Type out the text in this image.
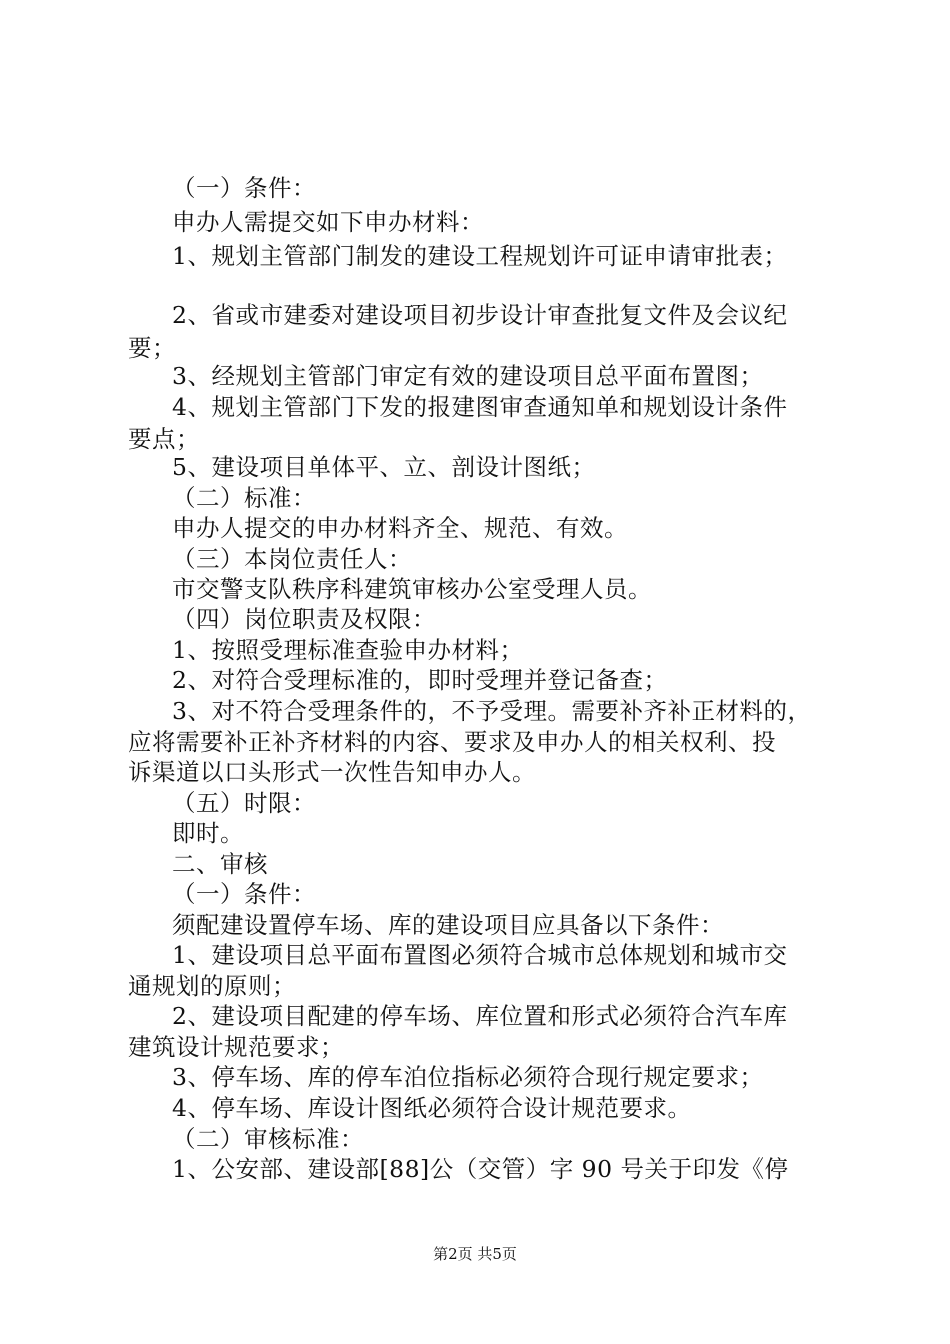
（一）条件：
申办人需提交如下申办材料：
1、规划主管部门制发的建设工程规划许可证申请审批表；
2、省或市建委对建设项目初步设计审查批复文件及会议纪
要；
3、经规划主管部门审定有效的建设项目总平面布置图；
4、规划主管部门下发的报建图审查通知单和规划设计条件
要点；
5、建设项目单体平、立、剖设计图纸；
（二）标准：
申办人提交的申办材料齐全、规范、有效。
（三）本岗位责任人：
市交警支队秩序科建筑审核办公室受理人员。
（四）岗位职责及权限：
1、按照受理标准查验申办材料；
2、对符合受理标准的，即时受理并登记备查；
3、对不符合受理条件的，不予受理。需要补齐补正材料的，
应将需要补正补齐材料的内容、要求及申办人的相关权利、投
诉渠道以口头形式一次性告知申办人。
（五）时限：
即时。
二、审核
（一）条件：
须配建设置停车场、库的建设项目应具备以下条件：
1、建设项目总平面布置图必须符合城市总体规划和城市交
通规划的原则；
2、建设项目配建的停车场、库位置和形式必须符合汽车库
建筑设计规范要求；
3、停车场、库的停车泊位指标必须符合现行规定要求；
4、停车场、库设计图纸必须符合设计规范要求。
（二）审核标准：
1、公安部、建设部[88]公（交管）字 90 号关于印发《停
第2页 共5页
